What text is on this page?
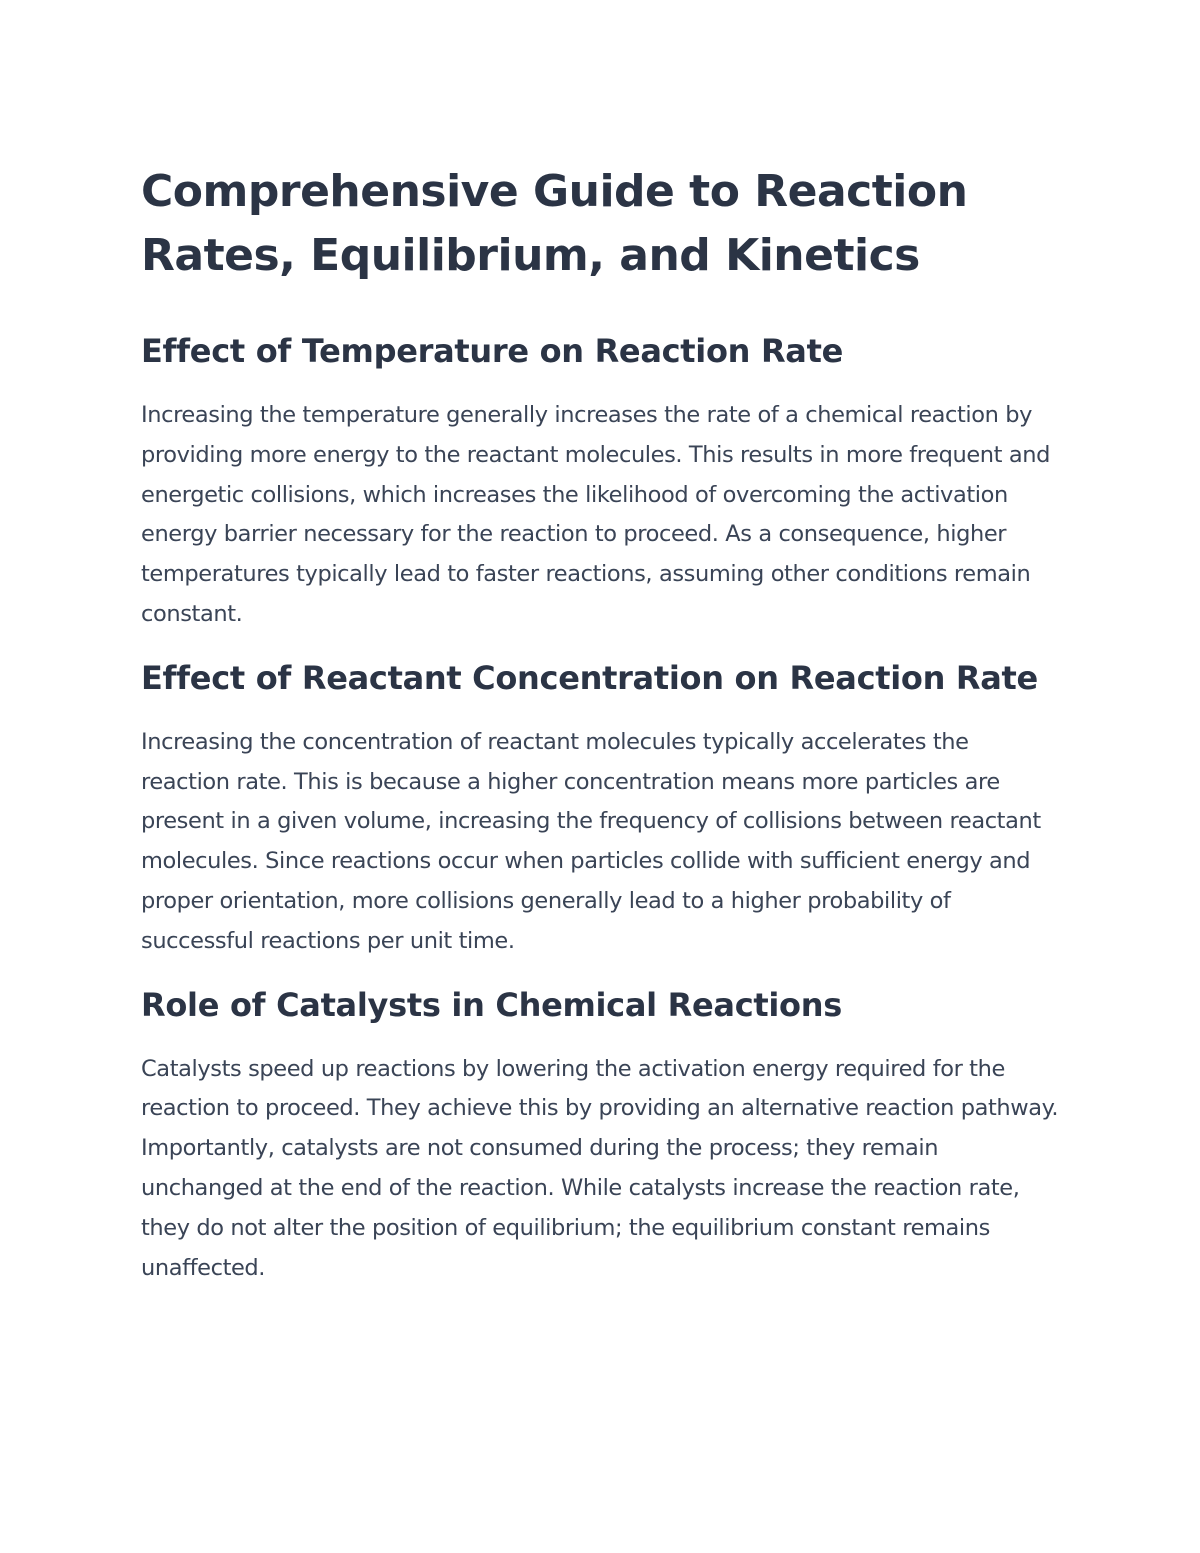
Comprehensive Guide to Reaction Rates, Equilibrium, and Kinetics
Effect of Temperature on Reaction Rate

Increasing the temperature generally increases the rate of a chemical reaction by providing more energy to the reactant molecules. This results in more frequent and energetic collisions, which increases the likelihood of overcoming the activation energy barrier necessary for the reaction to proceed. As a consequence, higher temperatures typically lead to faster reactions, assuming other conditions remain constant.

Effect of Reactant Concentration on Reaction Rate

Increasing the concentration of reactant molecules typically accelerates the reaction rate. This is because a higher concentration means more particles are present in a given volume, increasing the frequency of collisions between reactant molecules. Since reactions occur when particles collide with sufficient energy and proper orientation, more collisions generally lead to a higher probability of successful reactions per unit time.

Role of Catalysts in Chemical Reactions

Catalysts speed up reactions by lowering the activation energy required for the reaction to proceed. They achieve this by providing an alternative reaction pathway. Importantly, catalysts are not consumed during the process; they remain unchanged at the end of the reaction. While catalysts increase the reaction rate, they do not alter the position of equilibrium; the equilibrium constant remains unaffected.
